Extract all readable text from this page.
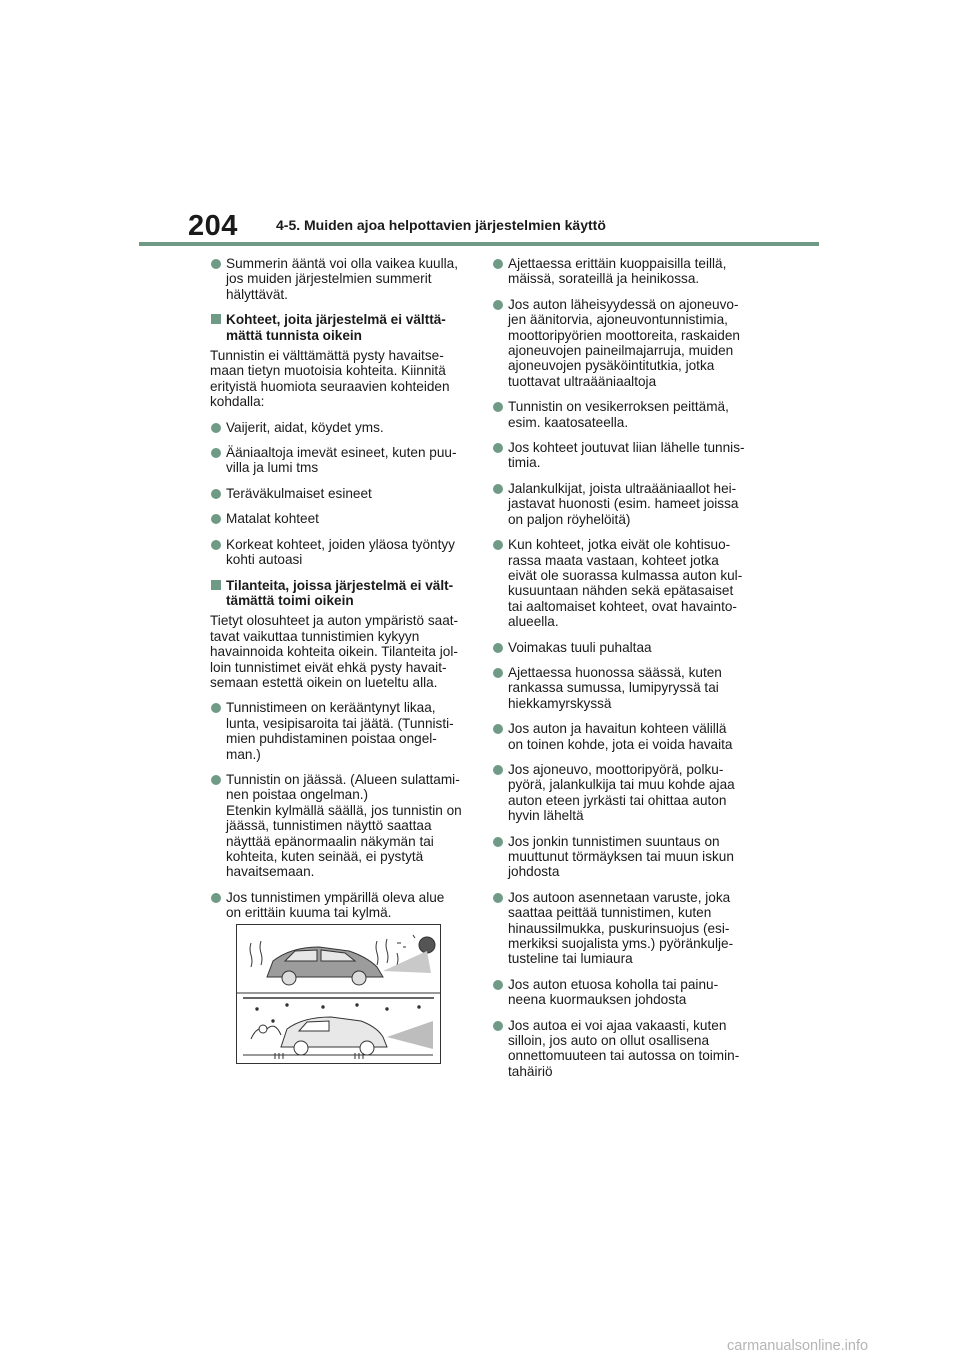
204	4-5. Muiden ajoa helpottavien järjestelmien käyttö
Summerin ääntä voi olla vaikea kuulla,
jos muiden järjestelmien summerit
hälyttävät.
Kohteet, joita järjestelmä ei välttä-
mättä tunnista oikein
Tunnistin ei välttämättä pysty havaitse-
maan tietyn muotoisia kohteita. Kiinnitä
erityistä huomiota seuraavien kohteiden
kohdalla:
Vaijerit, aidat, köydet yms.
Ääniaaltoja imevät esineet, kuten puu-
villa ja lumi tms
Teräväkulmaiset esineet
Matalat kohteet
Korkeat kohteet, joiden yläosa työntyy
kohti autoasi
Tilanteita, joissa järjestelmä ei vält-
tämättä toimi oikein
Tietyt olosuhteet ja auton ympäristö saat-
tavat vaikuttaa tunnistimien kykyyn
havainnoida kohteita oikein. Tilanteita jol-
loin tunnistimet eivät ehkä pysty havait-
semaan estettä oikein on lueteltu alla.
Tunnistimeen on kerääntynyt likaa,
lunta, vesipisaroita tai jäätä. (Tunnisti-
mien puhdistaminen poistaa ongel-
man.)
Tunnistin on jäässä. (Alueen sulattami-
nen poistaa ongelman.)
Etenkin kylmällä säällä, jos tunnistin on
jäässä, tunnistimen näyttö saattaa
näyttää epänormaalin näkymän tai
kohteita, kuten seinää, ei pystytä
havaitsemaan.
Jos tunnistimen ympärillä oleva alue
on erittäin kuuma tai kylmä.
Ajettaessa erittäin kuoppaisilla teillä,
mäissä, sorateillä ja heinikossa.
Jos auton läheisyydessä on ajoneuvo-
jen äänitorvia, ajoneuvontunnistimia,
moottoripyörien moottoreita, raskaiden
ajoneuvojen paineilmajarruja, muiden
ajoneuvojen pysäköintitutkia, jotka
tuottavat ultraääniaaltoja
Tunnistin on vesikerroksen peittämä,
esim. kaatosateella.
Jos kohteet joutuvat liian lähelle tunnis-
timia.
Jalankulkijat, joista ultraääniaallot hei-
jastavat huonosti (esim. hameet joissa
on paljon röyhelöitä)
Kun kohteet, jotka eivät ole kohtisuo-
rassa maata vastaan, kohteet jotka
eivät ole suorassa kulmassa auton kul-
kusuuntaan nähden sekä epätasaiset
tai aaltomaiset kohteet, ovat havainto-
alueella.
Voimakas tuuli puhaltaa
Ajettaessa huonossa säässä, kuten
rankassa sumussa, lumipyryssä tai
hiekkamyrskyssä
Jos auton ja havaitun kohteen välillä
on toinen kohde, jota ei voida havaita
Jos ajoneuvo, moottoripyörä, polku-
pyörä, jalankulkija tai muu kohde ajaa
auton eteen jyrkästi tai ohittaa auton
hyvin läheltä
Jos jonkin tunnistimen suuntaus on
muuttunut törmäyksen tai muun iskun
johdosta
Jos autoon asennetaan varuste, joka
saattaa peittää tunnistimen, kuten
hinaussilmukka, puskurinsuojus (esi-
merkiksi suojalista yms.) pyöränkulje-
tusteline tai lumiaura
Jos auton etuosa koholla tai painu-
neena kuormauksen johdosta
Jos autoa ei voi ajaa vakaasti, kuten
silloin, jos auto on ollut osallisena
onnettomuuteen tai autossa on toimin-
tahäiriö
carmanualsonline.info
